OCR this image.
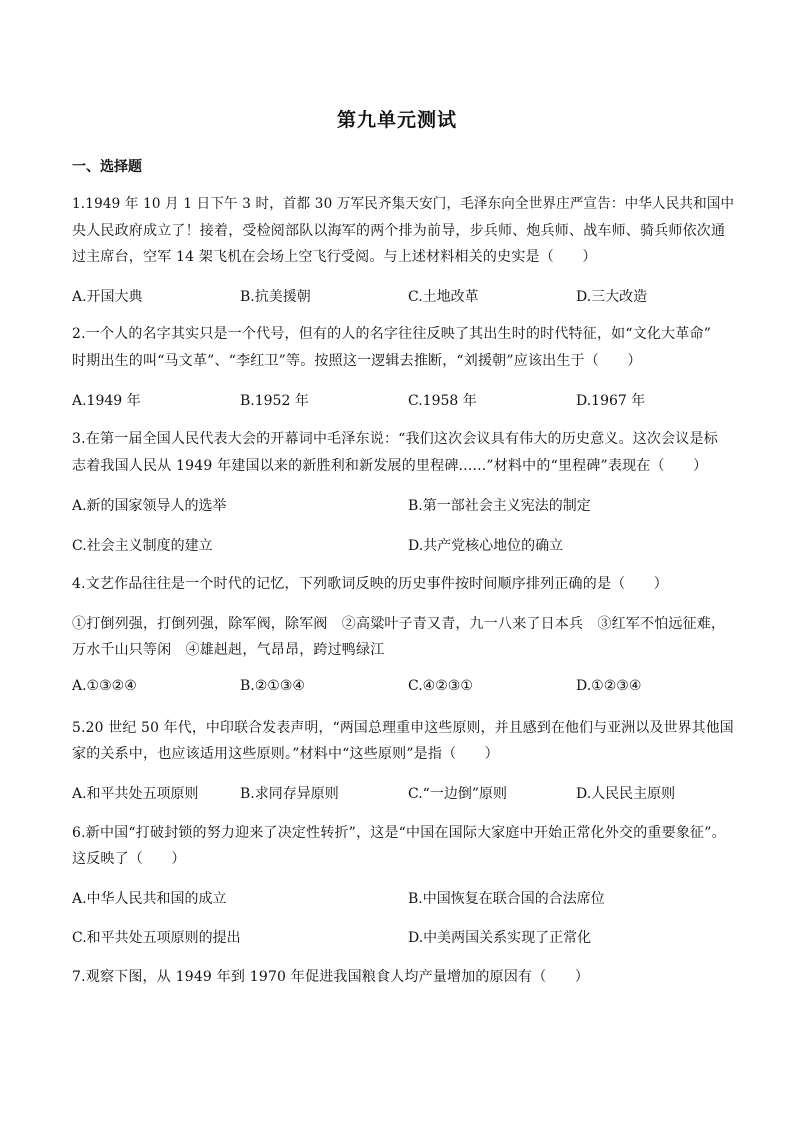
第九单元测试
一、选择题
1.1949 年 10 月 1 日下午 3 时，首都 30 万军民齐集天安门，毛泽东向全世界庄严宣告：中华人民共和国中
央人民政府成立了！接着，受检阅部队以海军的两个排为前导，步兵师、炮兵师、战车师、骑兵师依次通
过主席台，空军 14 架飞机在会场上空飞行受阅。与上述材料相关的史实是（　　）
A.开国大典	B.抗美援朝	C.土地改革	D.三大改造
2.一个人的名字其实只是一个代号，但有的人的名字往往反映了其出生时的时代特征，如“文化大革命”
时期出生的叫“马文革”、“李红卫”等。按照这一逻辑去推断，“刘援朝”应该出生于（　　）
A.1949 年	B.1952 年	C.1958 年	D.1967 年
3.在第一届全国人民代表大会的开幕词中毛泽东说：“我们这次会议具有伟大的历史意义。这次会议是标
志着我国人民从 1949 年建国以来的新胜利和新发展的里程碑......”材料中的“里程碑”表现在（　　）
A.新的国家领导人的选举	B.第一部社会主义宪法的制定
C.社会主义制度的建立	D.共产党核心地位的确立
4.文艺作品往往是一个时代的记忆，下列歌词反映的历史事件按时间顺序排列正确的是（　　）
①打倒列强，打倒列强，除军阀，除军阀　②高粱叶子青又青，九一八来了日本兵　③红军不怕远征难，
万水千山只等闲　④雄赳赳，气昂昂，跨过鸭绿江
A.①③②④	B.②①③④	C.④②③①	D.①②③④
5.20 世纪 50 年代，中印联合发表声明，“两国总理重申这些原则，并且感到在他们与亚洲以及世界其他国
家的关系中，也应该适用这些原则。”材料中“这些原则”是指（　　）
A.和平共处五项原则	B.求同存异原则	C.“一边倒”原则	D.人民民主原则
6.新中国“打破封锁的努力迎来了决定性转折”，这是“中国在国际大家庭中开始正常化外交的重要象征”。
这反映了（　　）
A.中华人民共和国的成立	B.中国恢复在联合国的合法席位
C.和平共处五项原则的提出	D.中美两国关系实现了正常化
7.观察下图，从 1949 年到 1970 年促进我国粮食人均产量增加的原因有（　　）
